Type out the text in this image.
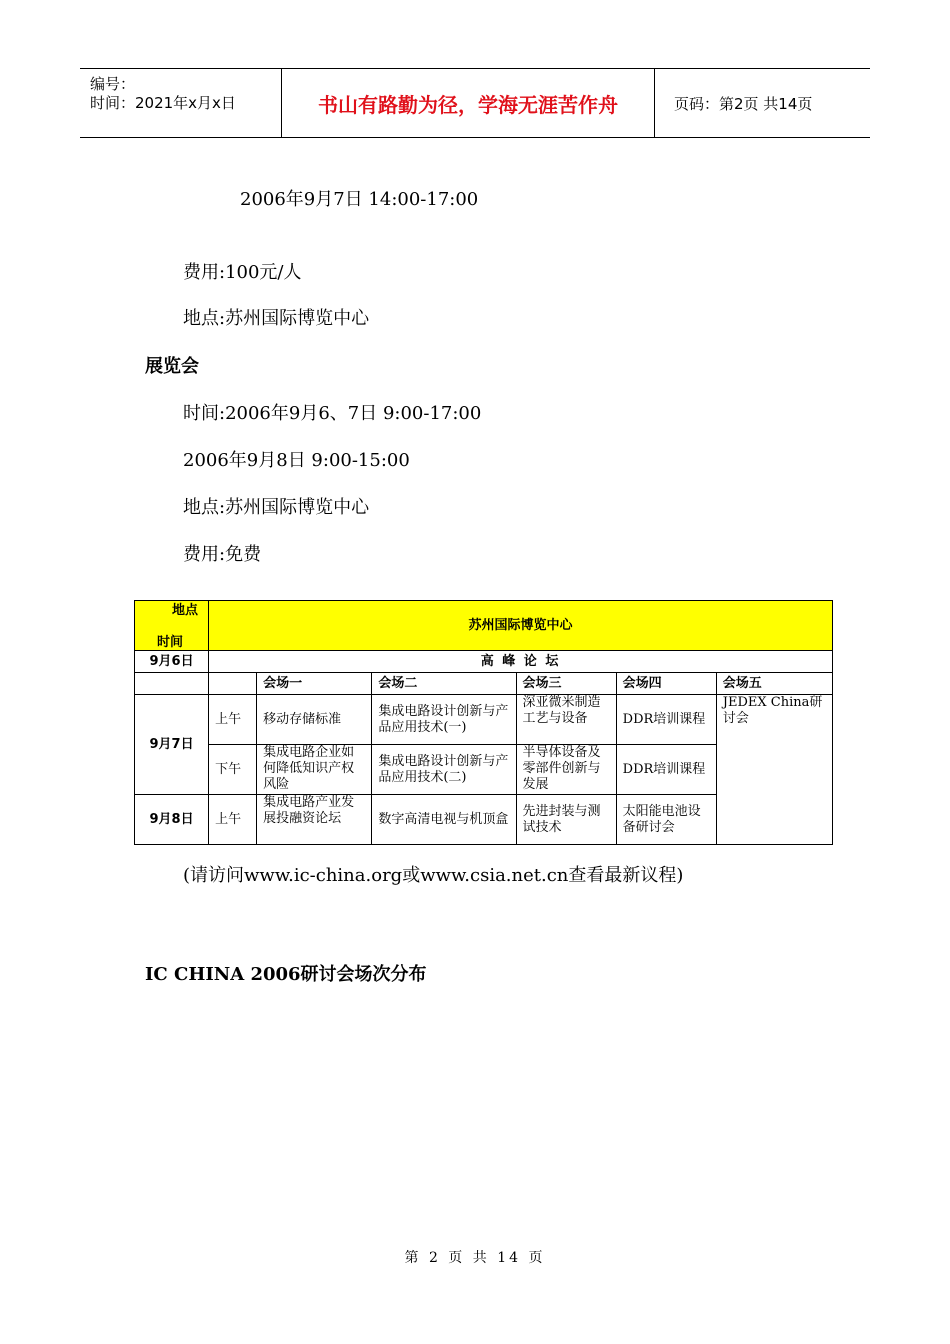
编号：
时间：2021年x月x日	书山有路勤为径，学海无涯苦作舟	页码：第2页 共14页
2006年9月7日 14:00-17:00
费用:100元/人
地点:苏州国际博览中心
展览会
时间:2006年9月6、7日 9:00-17:00
2006年9月8日 9:00-15:00
地点:苏州国际博览中心
费用:免费
地点
时间	苏州国际博览中心					
9月6日	高 峰 论 坛					
		会场一	会场二	会场三	会场四	会场五
9月7日	上午	移动存储标准	集成电路设计创新与产品应用技术(一)	深亚微米制造工艺与设备	DDR培训课程	JEDEX China研讨会
	下午	集成电路企业如何降低知识产权风险	集成电路设计创新与产品应用技术(二)	半导体设备及零部件创新与发展	DDR培训课程	
9月8日	上午	集成电路产业发展投融资论坛	数字高清电视与机顶盒	先进封装与测试技术	太阳能电池设备研讨会	
(请访问www.ic-china.org或www.csia.net.cn查看最新议程)
IC CHINA 2006研讨会场次分布
第 2 页 共 14 页
